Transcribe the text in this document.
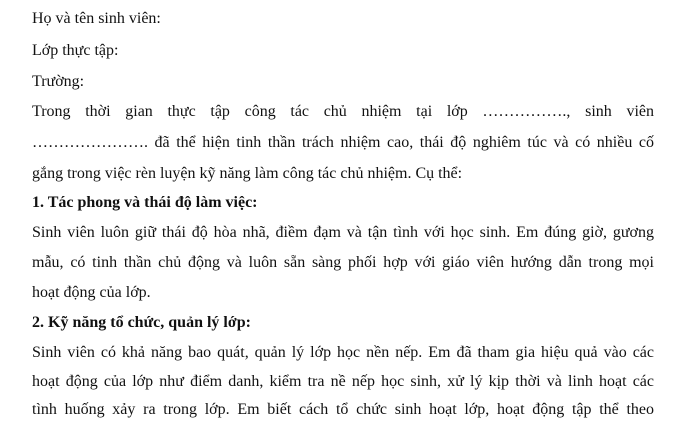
Họ và tên sinh viên:
Lớp thực tập:
Trường:
Trong thời gian thực tập công tác chủ nhiệm tại lớp ……………., sinh viên
…………………. đã thể hiện tinh thần trách nhiệm cao, thái độ nghiêm túc và có nhiều cố
gắng trong việc rèn luyện kỹ năng làm công tác chủ nhiệm. Cụ thể:
1. Tác phong và thái độ làm việc:
Sinh viên luôn giữ thái độ hòa nhã, điềm đạm và tận tình với học sinh. Em đúng giờ, gương
mẫu, có tinh thần chủ động và luôn sẵn sàng phối hợp với giáo viên hướng dẫn trong mọi
hoạt động của lớp.
2. Kỹ năng tổ chức, quản lý lớp:
Sinh viên có khả năng bao quát, quản lý lớp học nền nếp. Em đã tham gia hiệu quả vào các
hoạt động của lớp như điểm danh, kiểm tra nề nếp học sinh, xử lý kịp thời và linh hoạt các
tình huống xảy ra trong lớp. Em biết cách tổ chức sinh hoạt lớp, hoạt động tập thể theo
